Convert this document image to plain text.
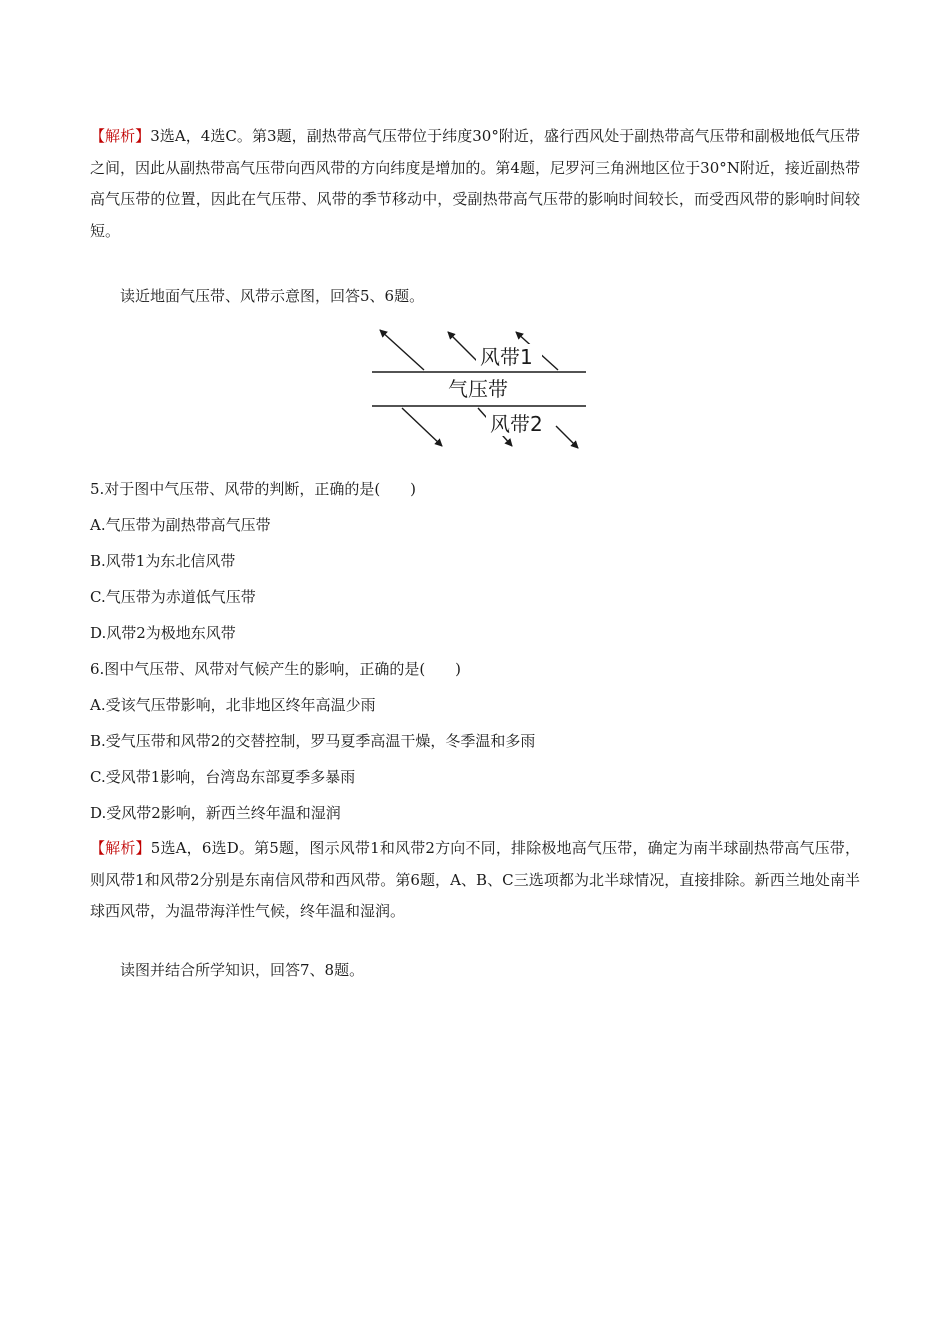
【解析】3选A，4选C。第3题，副热带高气压带位于纬度30°附近，盛行西风处于副热带高气压带和副极地低气压带之间，因此从副热带高气压带向西风带的方向纬度是增加的。第4题，尼罗河三角洲地区位于30°N附近，接近副热带高气压带的位置，因此在气压带、风带的季节移动中，受副热带高气压带的影响时间较长，而受西风带的影响时间较短。

读近地面气压带、风带示意图，回答5、6题。

风带1
气压带
风带2

5.对于图中气压带、风带的判断，正确的是(　　)

A.气压带为副热带高气压带

B.风带1为东北信风带

C.气压带为赤道低气压带

D.风带2为极地东风带

6.图中气压带、风带对气候产生的影响，正确的是(　　)

A.受该气压带影响，北非地区终年高温少雨

B.受气压带和风带2的交替控制，罗马夏季高温干燥，冬季温和多雨

C.受风带1影响，台湾岛东部夏季多暴雨

D.受风带2影响，新西兰终年温和湿润

【解析】5选A，6选D。第5题，图示风带1和风带2方向不同，排除极地高气压带，确定为南半球副热带高气压带，则风带1和风带2分别是东南信风带和西风带。第6题，A、B、C三选项都为北半球情况，直接排除。新西兰地处南半球西风带，为温带海洋性气候，终年温和湿润。

读图并结合所学知识，回答7、8题。
